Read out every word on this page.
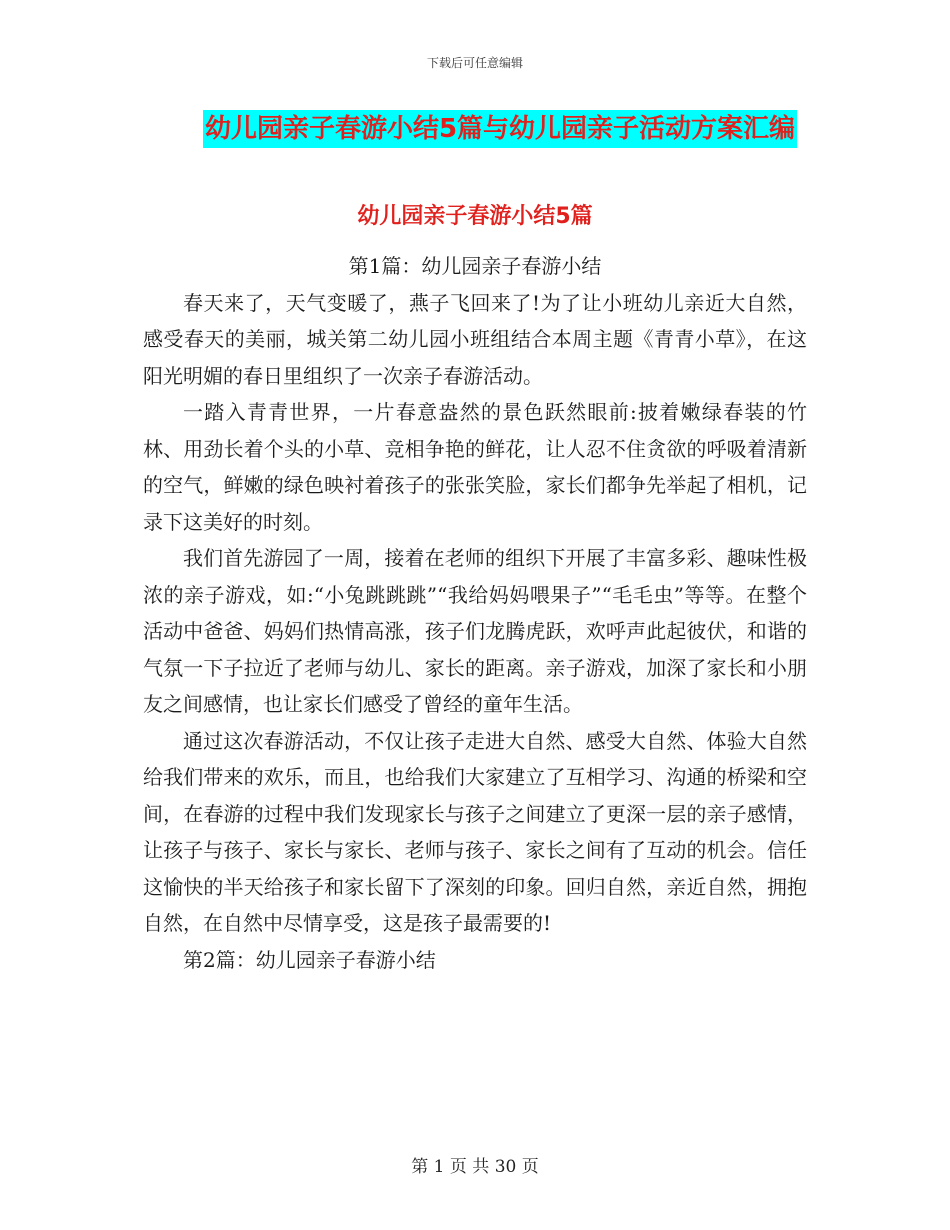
下载后可任意编辑
幼儿园亲子春游小结5篇与幼儿园亲子活动方案汇编
幼儿园亲子春游小结5篇

第1篇：幼儿园亲子春游小结

春天来了，天气变暖了，燕子飞回来了!为了让小班幼儿亲近大自然，感受春天的美丽，城关第二幼儿园小班组结合本周主题《青青小草》，在这阳光明媚的春日里组织了一次亲子春游活动。

一踏入青青世界，一片春意盎然的景色跃然眼前:披着嫩绿春装的竹林、用劲长着个头的小草、竞相争艳的鲜花，让人忍不住贪欲的呼吸着清新的空气，鲜嫩的绿色映衬着孩子的张张笑脸，家长们都争先举起了相机，记录下这美好的时刻。

我们首先游园了一周，接着在老师的组织下开展了丰富多彩、趣味性极浓的亲子游戏，如:“小兔跳跳跳”“我给妈妈喂果子”“毛毛虫”等等。在整个活动中爸爸、妈妈们热情高涨，孩子们龙腾虎跃，欢呼声此起彼伏，和谐的气氛一下子拉近了老师与幼儿、家长的距离。亲子游戏，加深了家长和小朋友之间感情，也让家长们感受了曾经的童年生活。

通过这次春游活动，不仅让孩子走进大自然、感受大自然、体验大自然给我们带来的欢乐，而且，也给我们大家建立了互相学习、沟通的桥梁和空间，在春游的过程中我们发现家长与孩子之间建立了更深一层的亲子感情，让孩子与孩子、家长与家长、老师与孩子、家长之间有了互动的机会。信任这愉快的半天给孩子和家长留下了深刻的印象。回归自然，亲近自然，拥抱自然，在自然中尽情享受，这是孩子最需要的!

第2篇：幼儿园亲子春游小结

第 1 页 共 30 页
